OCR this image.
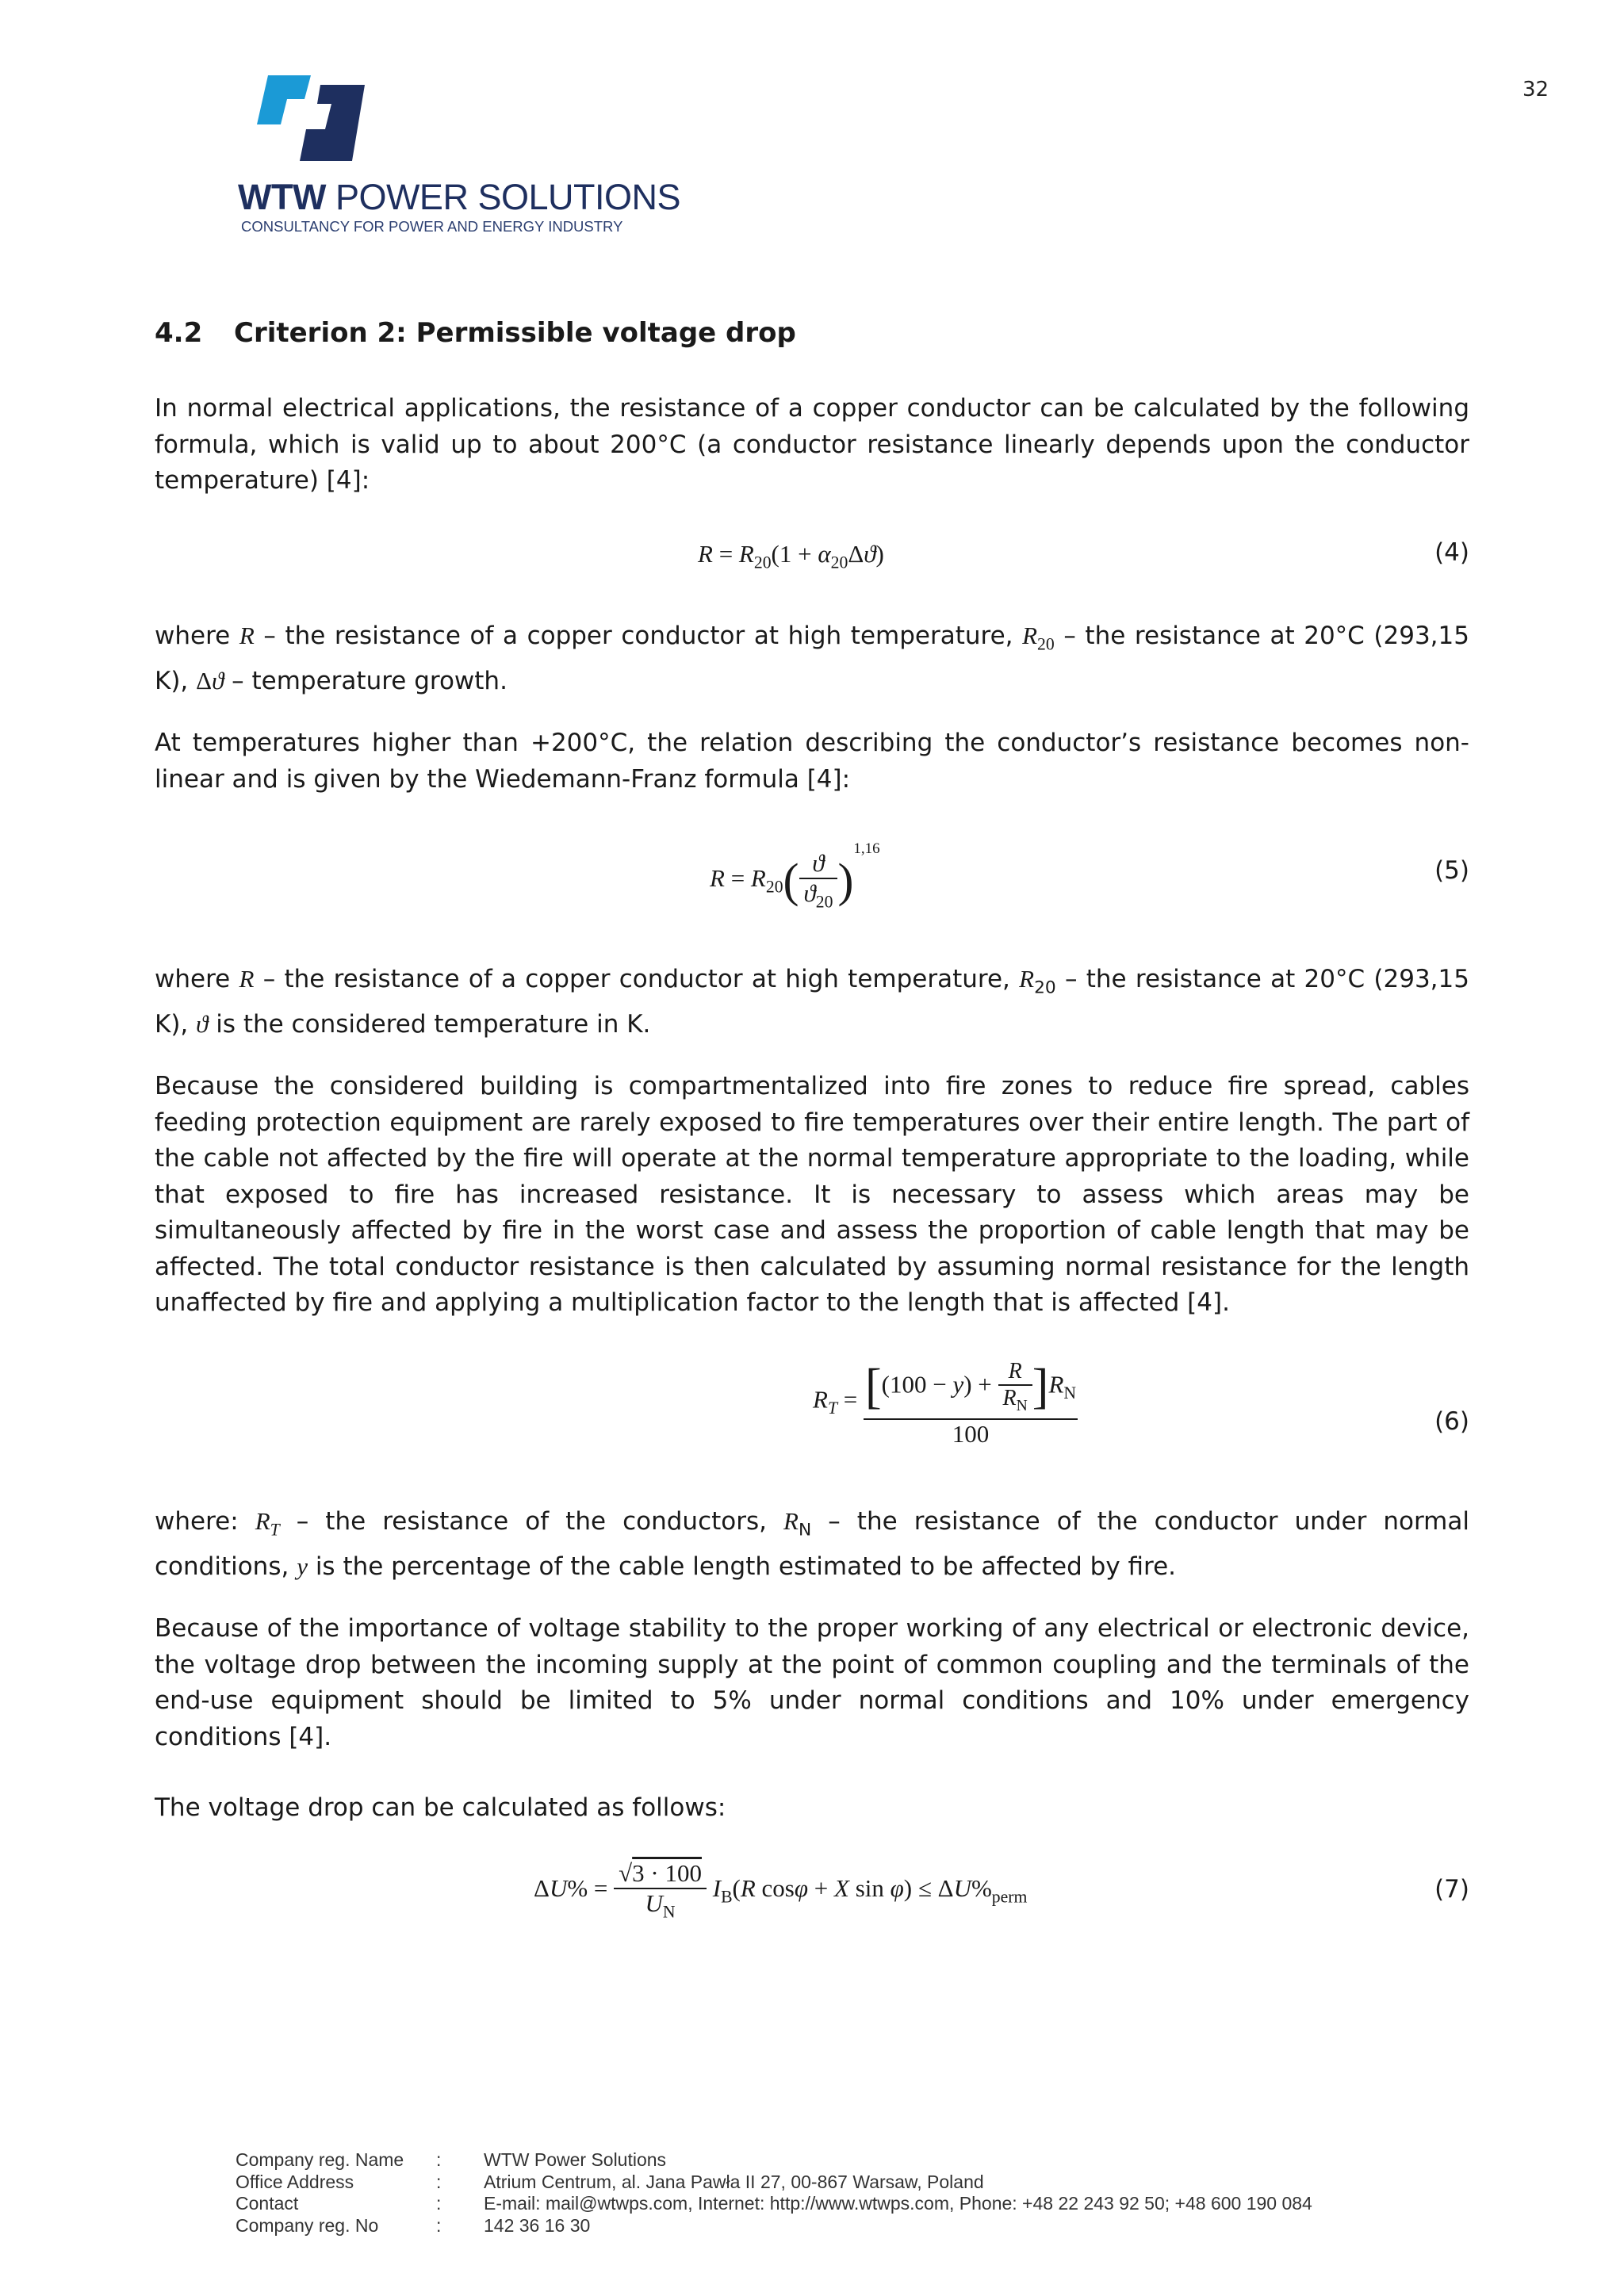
32
WTW POWER SOLUTIONS
CONSULTANCY FOR POWER AND ENERGY INDUSTRY
4.2 Criterion 2: Permissible voltage drop

In normal electrical applications, the resistance of a copper conductor can be calculated by the following formula, which is valid up to about 200°C (a conductor resistance linearly depends upon the conductor temperature) [4]:

$R = R_{20}(1 + \alpha_{20}\Delta ϑ)$	(4)

where R – the resistance of a copper conductor at high temperature, $R_{20}$ – the resistance at 20°C (293,15 K), Δϑ – temperature growth.

At temperatures higher than +200°C, the relation describing the conductor’s resistance becomes non-linear and is given by the Wiedemann-Franz formula [4]:

$R = R_{20}( \frac{ϑ}{ϑ_{20}} )^{1,16}$
(5)

where R – the resistance of a copper conductor at high temperature, $R_{20}$ – the resistance at 20°C (293,15 K), ϑ is the considered temperature in K.

Because the considered building is compartmentalized into fire zones to reduce fire spread, cables feeding protection equipment are rarely exposed to fire temperatures over their entire length. The part of the cable not affected by the fire will operate at the normal temperature appropriate to the loading, while that exposed to fire has increased resistance. It is necessary to assess which areas may be simultaneously affected by fire in the worst case and assess the proportion of cable length that may be affected. The total conductor resistance is then calculated by assuming normal resistance for the length unaffected by fire and applying a multiplication factor to the length that is affected [4].

$R_T = \frac{[(100 - y) + \frac{R}{R_N} ]R_N}{100}$	(6)

where: $R_T$ – the resistance of the conductors, $R_N$ – the resistance of the conductor under normal conditions, y is the percentage of the cable length estimated to be affected by fire.

Because of the importance of voltage stability to the proper working of any electrical or electronic device, the voltage drop between the incoming supply at the point of common coupling and the terminals of the end-use equipment should be limited to 5% under normal conditions and 10% under emergency conditions [4].

The voltage drop can be calculated as follows:

$\Delta U\% = \frac{√3 \cdot 100}{U_N} I_B(R$ cosφ + X $\sin \varphi) \le \Delta U\%_{perm}$	(7)
Company reg. Name	:	WTW Power Solutions
Office Address	:	Atrium Centrum, al. Jana Pawła II 27, 00-867 Warsaw, Poland
Contact	:	E-mail: mail@wtwps.com, Internet: http://www.wtwps.com, Phone: +48 22 243 92 50; +48 600 190 084
Company reg. No	:	142 36 16 30
